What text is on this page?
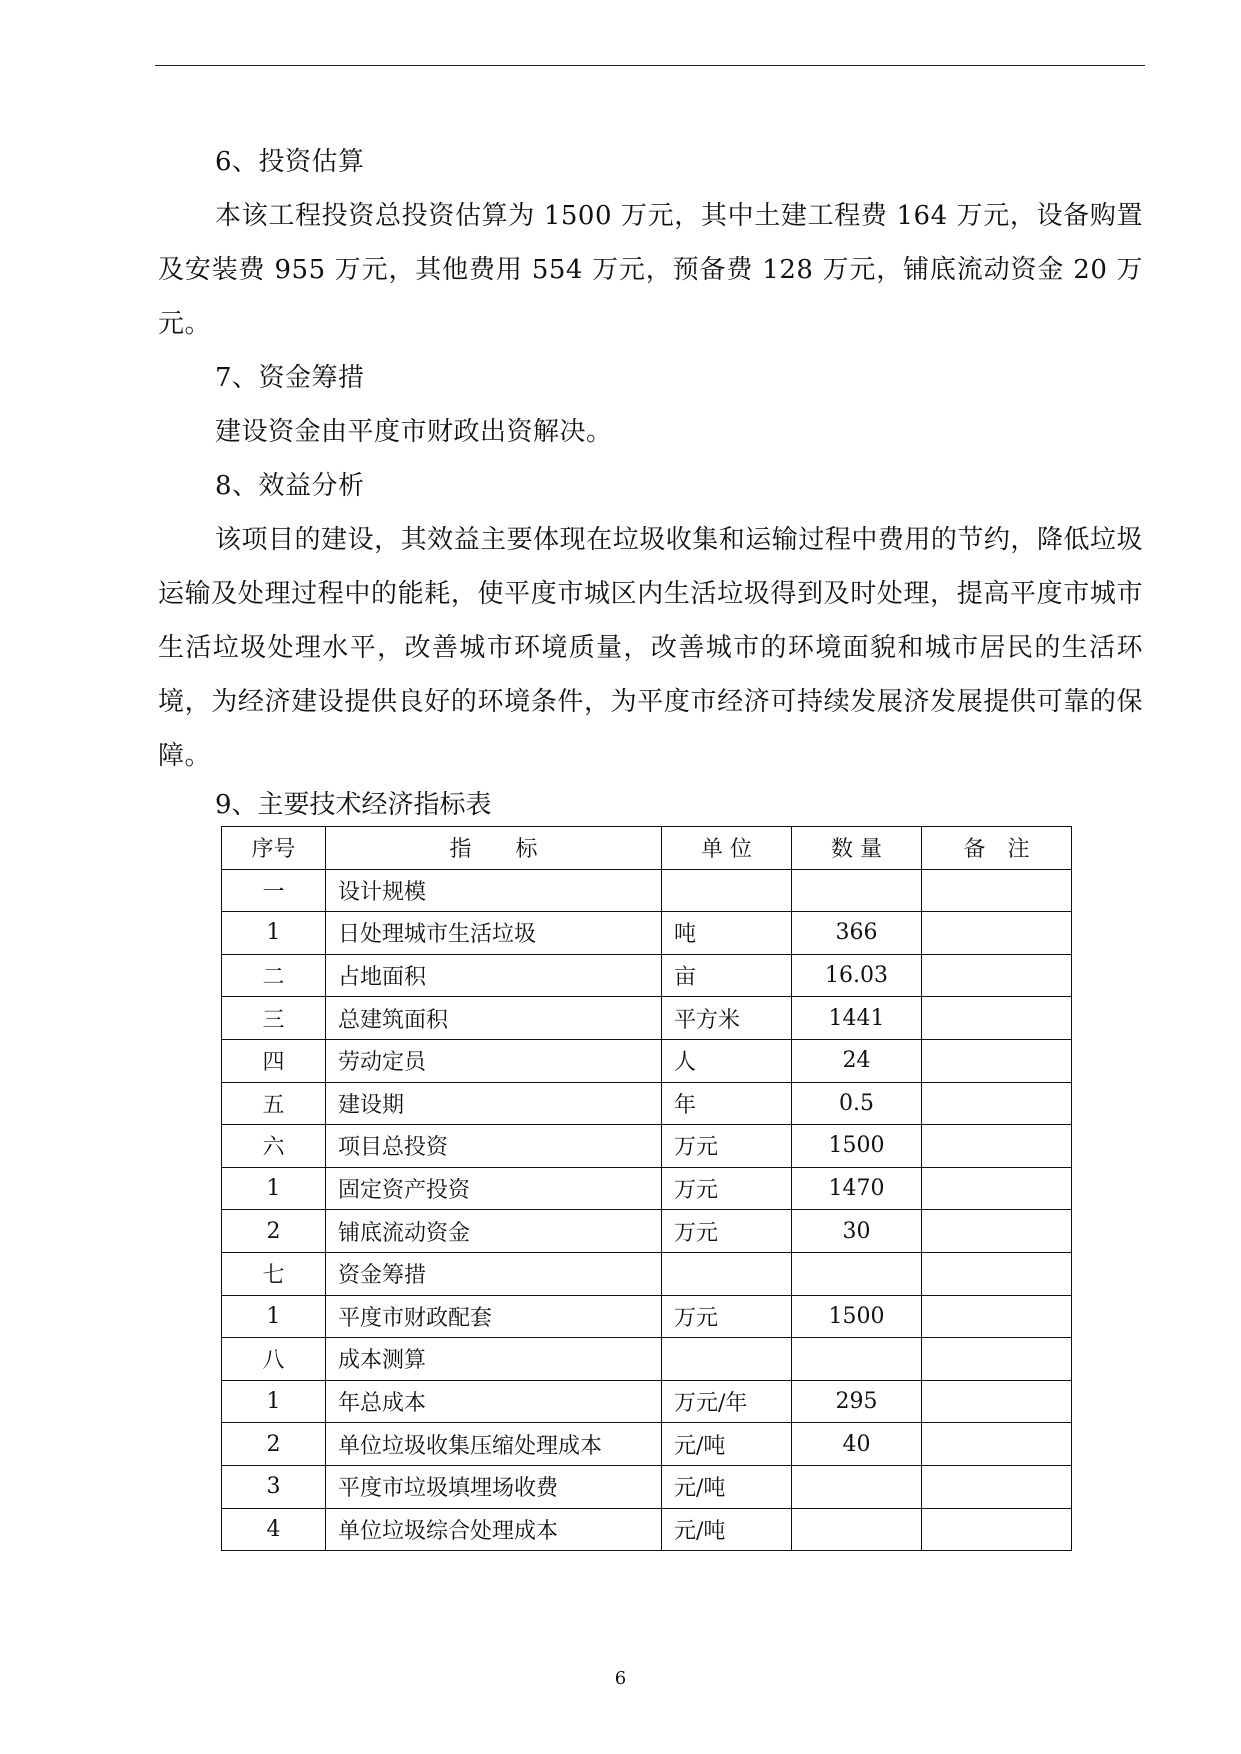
6、投资估算

本该工程投资总投资估算为 1500 万元，其中土建工程费 164 万元，设备购置及安装费 955 万元，其他费用 554 万元，预备费 128 万元，铺底流动资金 20 万元。

7、资金筹措

建设资金由平度市财政出资解决。

8、效益分析

该项目的建设，其效益主要体现在垃圾收集和运输过程中费用的节约，降低垃圾运输及处理过程中的能耗，使平度市城区内生活垃圾得到及时处理，提高平度市城市生活垃圾处理水平，改善城市环境质量，改善城市的环境面貌和城市居民的生活环境，为经济建设提供良好的环境条件，为平度市经济可持续发展济发展提供可靠的保障。

9、主要技术经济指标表
序号	指　　标	单 位	数 量	备　注
一	设计规模			
1	日处理城市生活垃圾	吨	366	
二	占地面积	亩	16.03	
三	总建筑面积	平方米	1441	
四	劳动定员	人	24	
五	建设期	年	0.5	
六	项目总投资	万元	1500	
1	固定资产投资	万元	1470	
2	铺底流动资金	万元	30	
七	资金筹措			
1	平度市财政配套	万元	1500	
八	成本测算			
1	年总成本	万元/年	295	
2	单位垃圾收集压缩处理成本	元/吨	40	
3	平度市垃圾填埋场收费	元/吨		
4	单位垃圾综合处理成本	元/吨		
6
